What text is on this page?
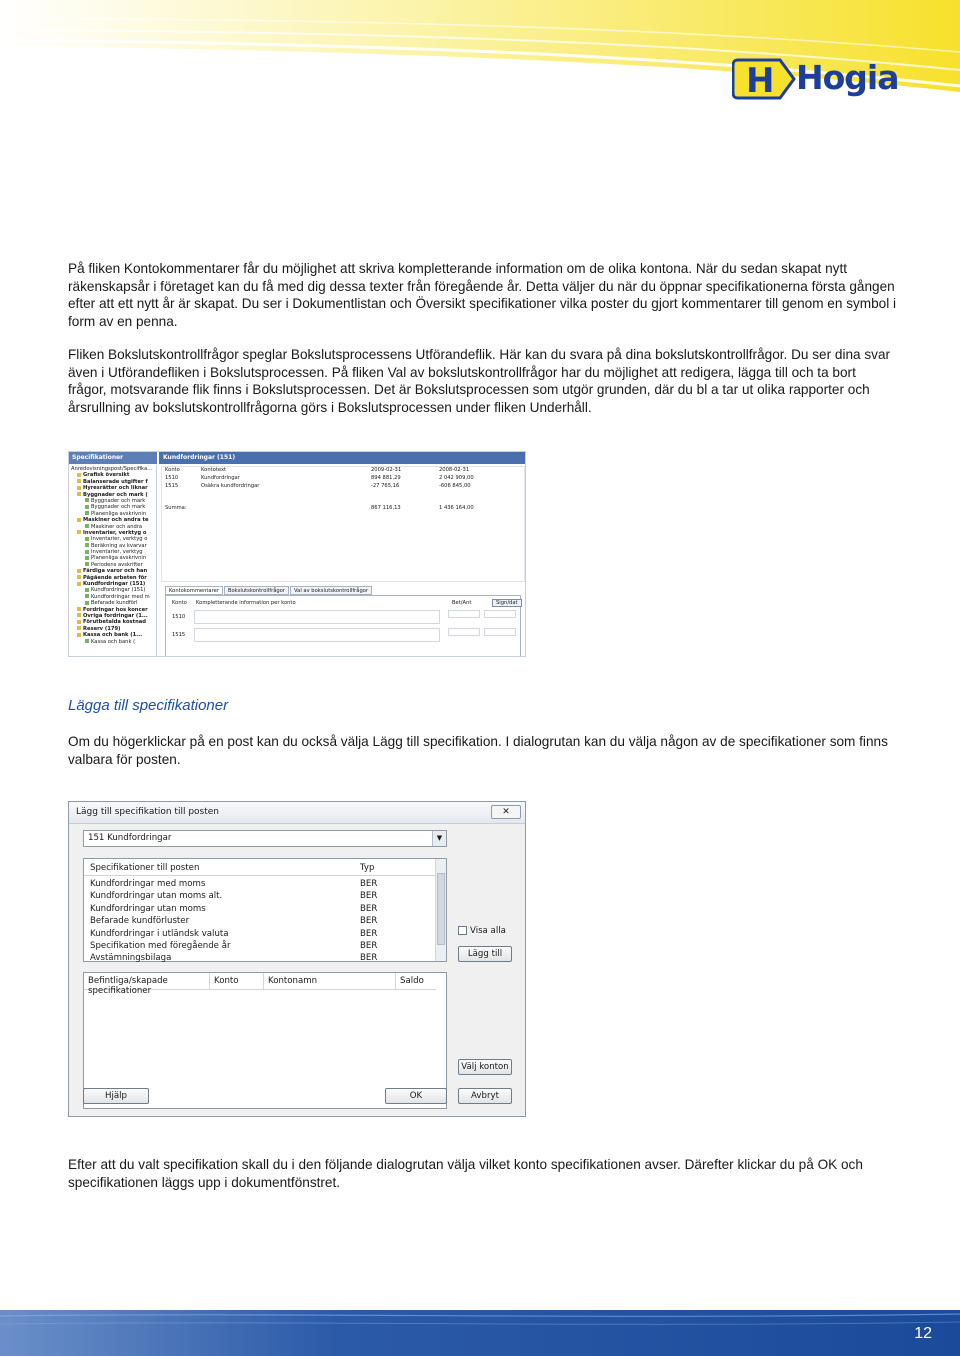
H Hogia
På fliken Kontokommentarer får du möjlighet att skriva kompletterande information om de olika kontona. När du sedan skapat nytt räkenskapsår i företaget kan du få med dig dessa texter från föregående år. Detta väljer du när du öppnar specifikationerna första gången efter att ett nytt år är skapat. Du ser i Dokumentlistan och Översikt specifikationer vilka poster du gjort kommentarer till genom en symbol i form av en penna.
Fliken Bokslutskontrollfrågor speglar Bokslutsprocessens Utförandeflik. Här kan du svara på dina bokslutskontrollfrågor. Du ser dina svar även i Utförandefliken i Bokslutsprocessen. På fliken Val av bokslutskontrollfrågor har du möjlighet att redigera, lägga till och ta bort frågor, motsvarande flik finns i Bokslutsprocessen. Det är Bokslutsprocessen som utgör grunden, där du bl a tar ut olika rapporter och årsrullning av bokslutskontrollfrågorna görs i Bokslutsprocessen under fliken Underhåll.
Specifikationer	Kundfordringar (151)
Anredovisningspost/Specifika...
Grafisk översikt
Balanserade utgifter f
Hyresrätter och liknar
Byggnader och mark (
Byggnader och mark
Byggnader och mark
Planenliga avskrivnin
Maskiner och andra te
Maskiner och andra
Inventarier, verktyg o
Inventarier, verktyg o
Beräkning av kvarvar
Inventarier, verktyg
Planenliga avskrivnin
Periodens avskrifter
Färdiga varor och han
Pågående arbeten för
Kundfordringar (151)
Kundfordringar (151)
Kundfordringar med m
Befarade kundförl
Fordringar hos koncer
Övriga fordringar (1...
Förutbetalda kostnad
Reserv (179)
Kassa och bank (1...
Kassa och bank (
Konto	Kontotext	2009-02-31	2008-02-31
1510	Kundfordringar	894 881,29	2 042 909,00
1515	Osäkra kundfordringar	-27 765,16	-606 845,00
Summa:	867 116,13	1 436 164,00
Kontokommentarer Bokslutskontrollfrågor Val av bokslutskontrollfrågor
Konto Kompletterande information per konto	Bet/Ant	Sign/dat
1510
1515
Lägga till specifikationer
Om du högerklickar på en post kan du också välja Lägg till specifikation. I dialogrutan kan du välja någon av de specifikationer som finns valbara för posten.
Lägg till specifikation till posten	✕
151 Kundfordringar	▼
Specifikationer till posten	Typ
Kundfordringar med moms	BER
Kundfordringar utan moms alt.	BER
Kundfordringar utan moms	BER
Befarade kundförluster	BER
Kundfordringar i utländsk valuta	BER
Specifikation med föregående år	BER
Avstämningsbilaga	BER
Visa alla
Lägg till
Befintliga/skapade specifikationer
Konto	Kontonamn	Saldo
Välj konton
Hjälp	OK	Avbryt
Efter att du valt specifikation skall du i den följande dialogrutan välja vilket konto specifikationen avser. Därefter klickar du på OK och specifikationen läggs upp i dokumentfönstret.
12
